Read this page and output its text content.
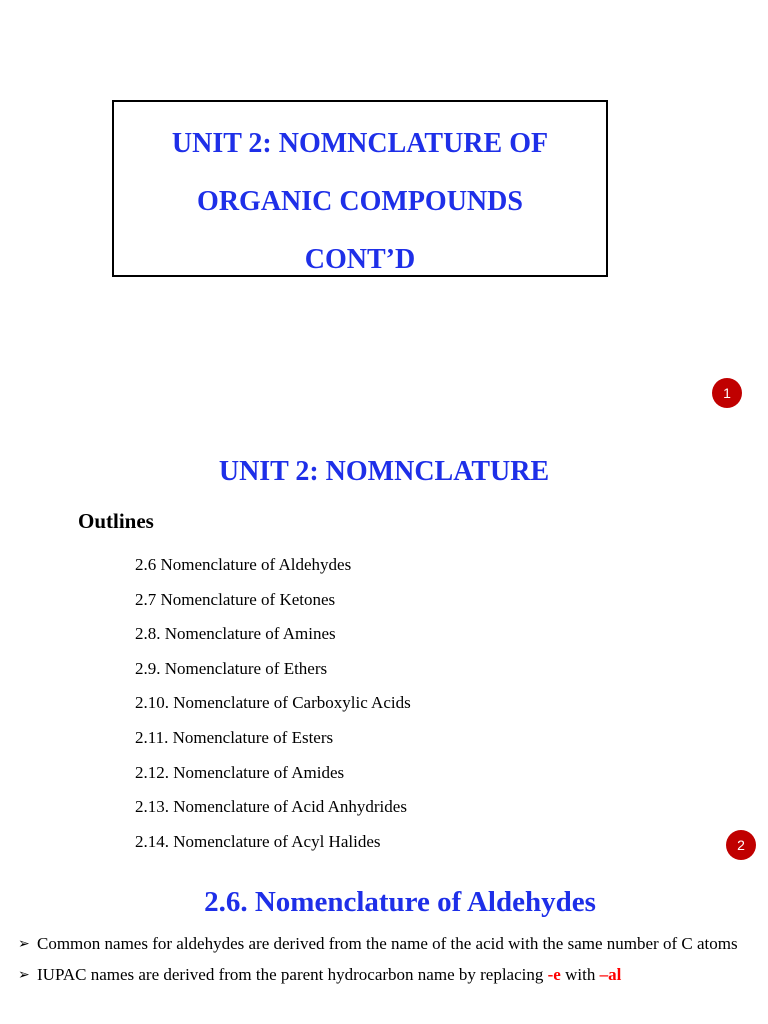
UNIT 2: NOMNCLATURE OF
ORGANIC COMPOUNDS
CONT’D
1
UNIT 2: NOMNCLATURE
Outlines
2.6 Nomenclature of Aldehydes
2.7 Nomenclature of Ketones
2.8. Nomenclature of Amines
2.9. Nomenclature of Ethers
2.10. Nomenclature of Carboxylic Acids
2.11. Nomenclature of Esters
2.12. Nomenclature of Amides
2.13. Nomenclature of Acid Anhydrides
2.14. Nomenclature of Acyl Halides	2
2.6. Nomenclature of Aldehydes
➢ Common names for aldehydes are derived from the name of the acid with the same number of C atoms
➢ IUPAC names are derived from the parent hydrocarbon name by replacing -e with –al
